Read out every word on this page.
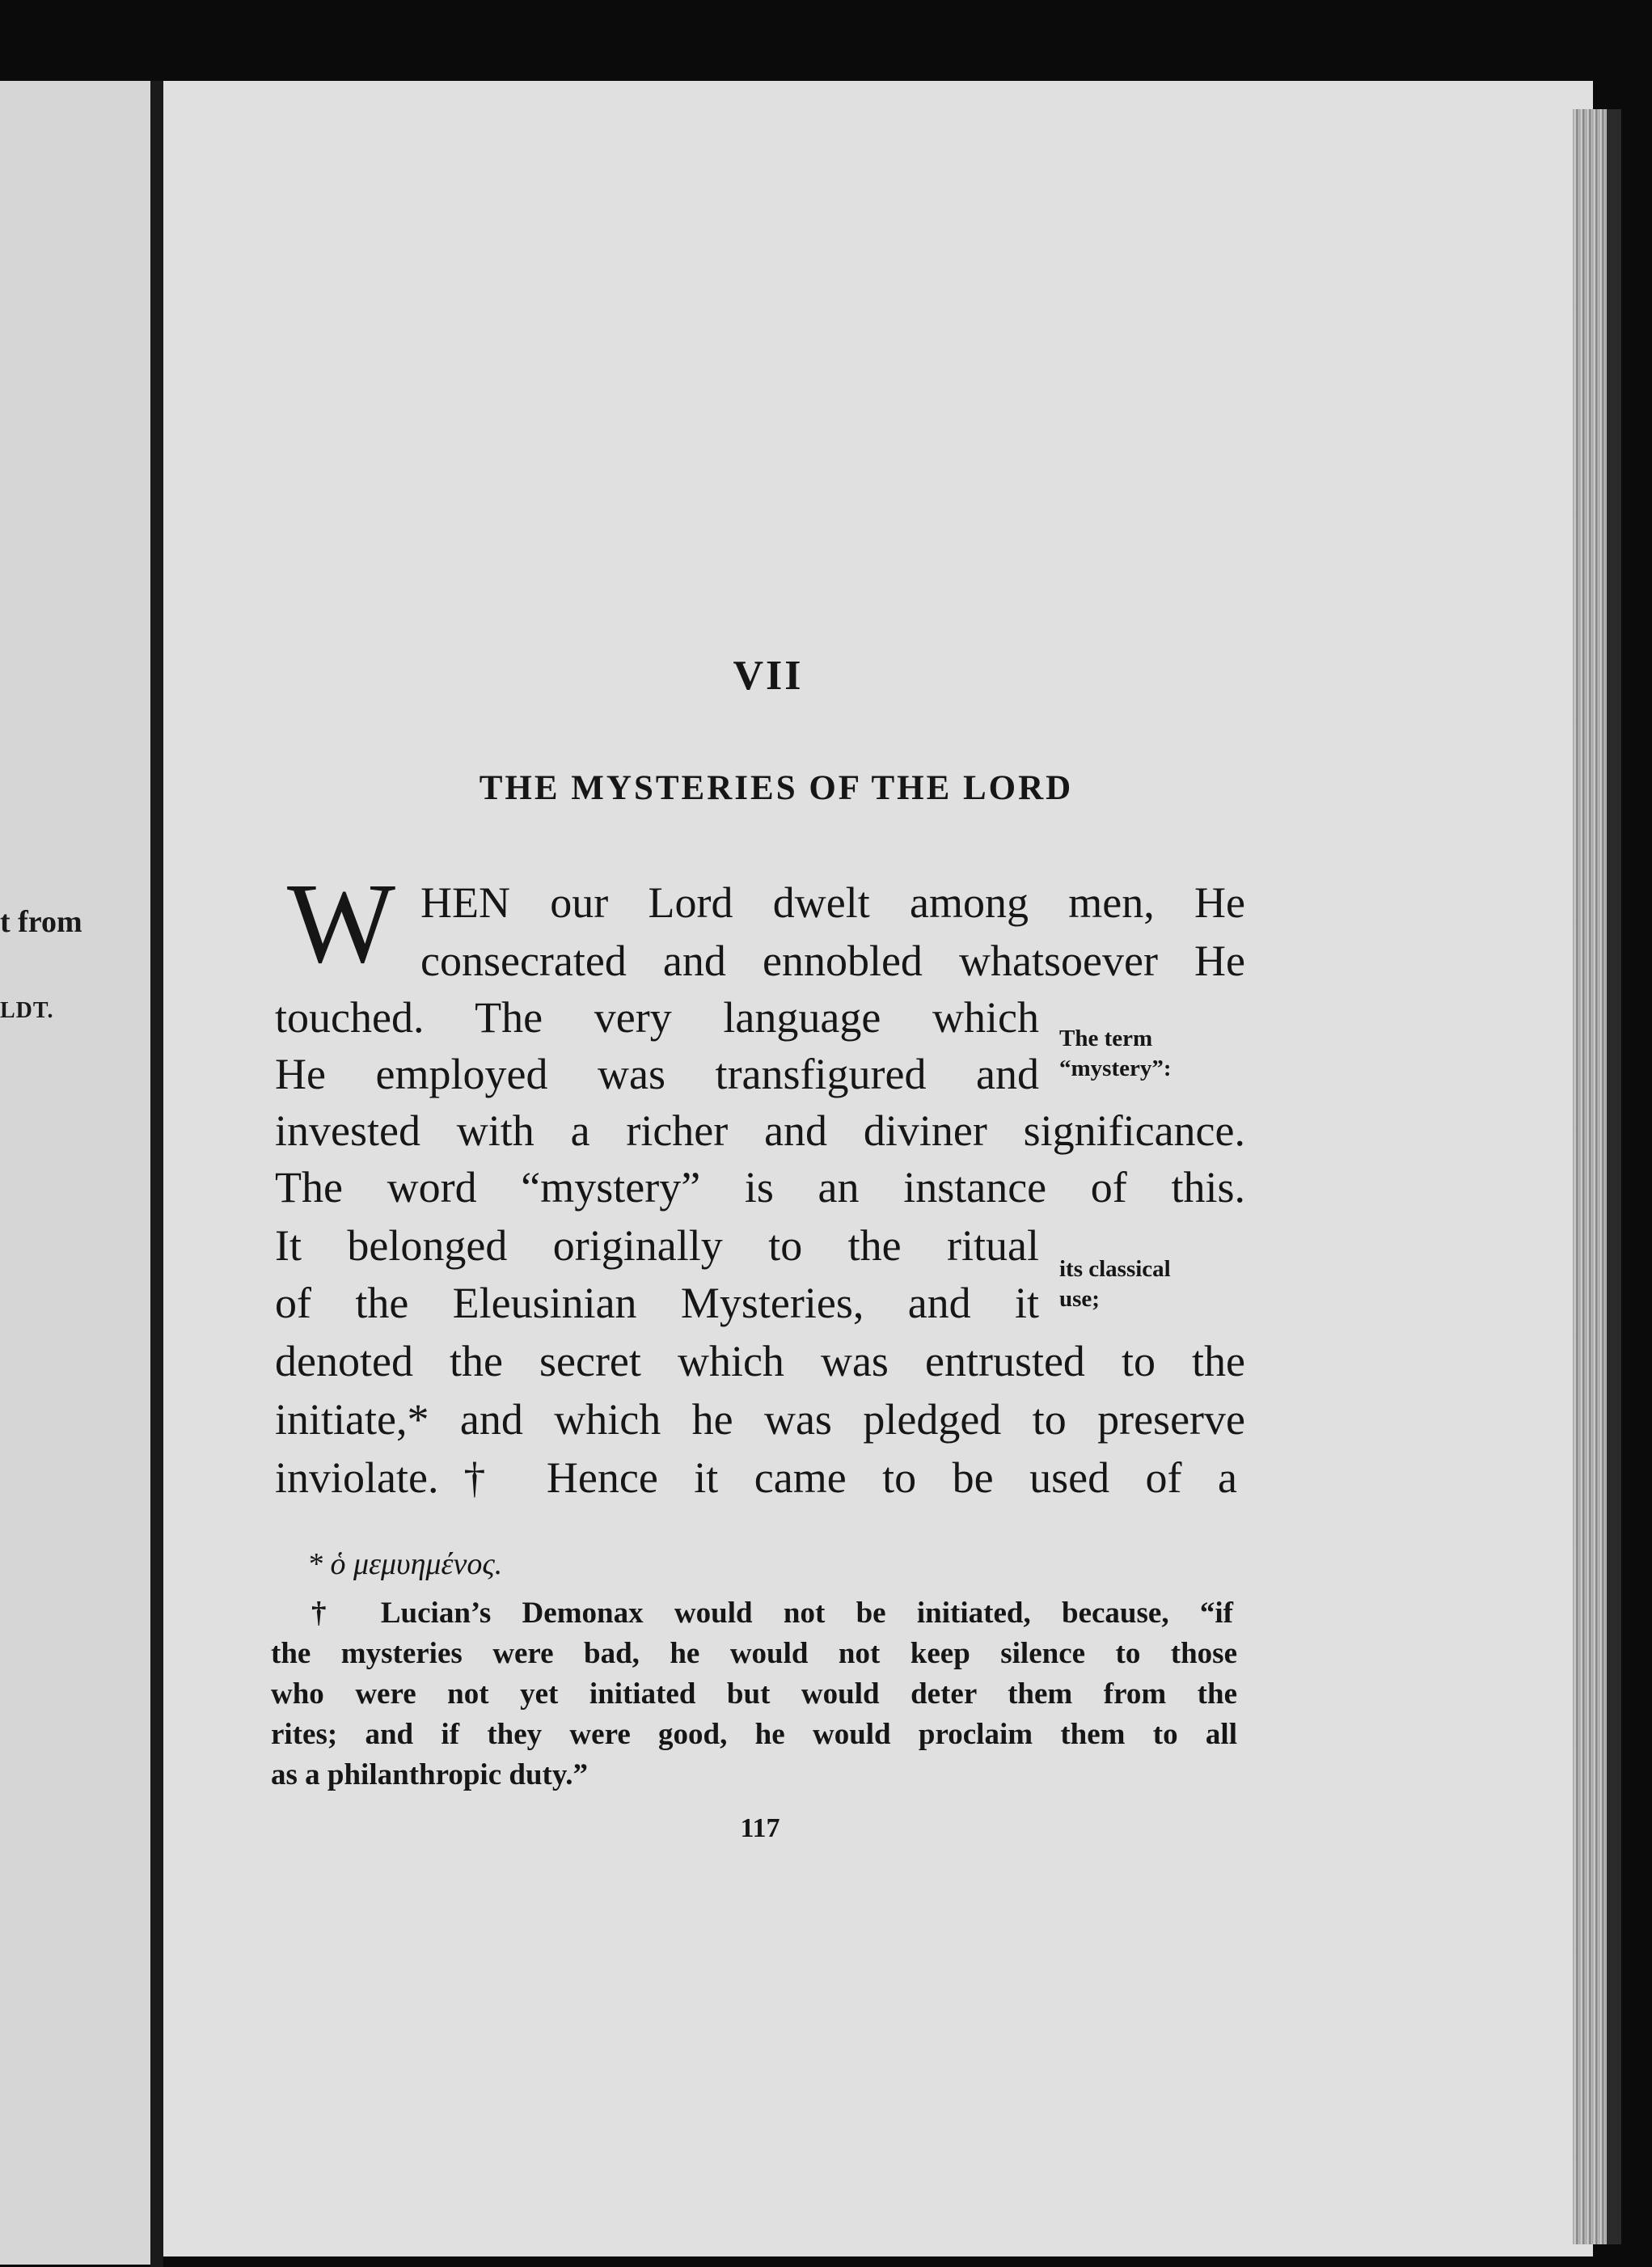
t from
LDT.
VII
THE MYSTERIES OF THE LORD
W HEN our Lord dwelt among men, He
consecrated and ennobled whatsoever He
touched. The very language which
He employed was transfigured and
invested with a richer and diviner significance.
The word “mystery” is an instance of this.
It belonged originally to the ritual
of the Eleusinian Mysteries, and it
denoted the secret which was entrusted to the
initiate,* and which he was pledged to preserve
inviolate.† Hence it came to be used of a
The term
“mystery”:
its classical
use;
* ὁ μεμυημένος.
† Lucian’s Demonax would not be initiated, because, “if
the mysteries were bad, he would not keep silence to those
who were not yet initiated but would deter them from the
rites; and if they were good, he would proclaim them to all
as a philanthropic duty.”
117
